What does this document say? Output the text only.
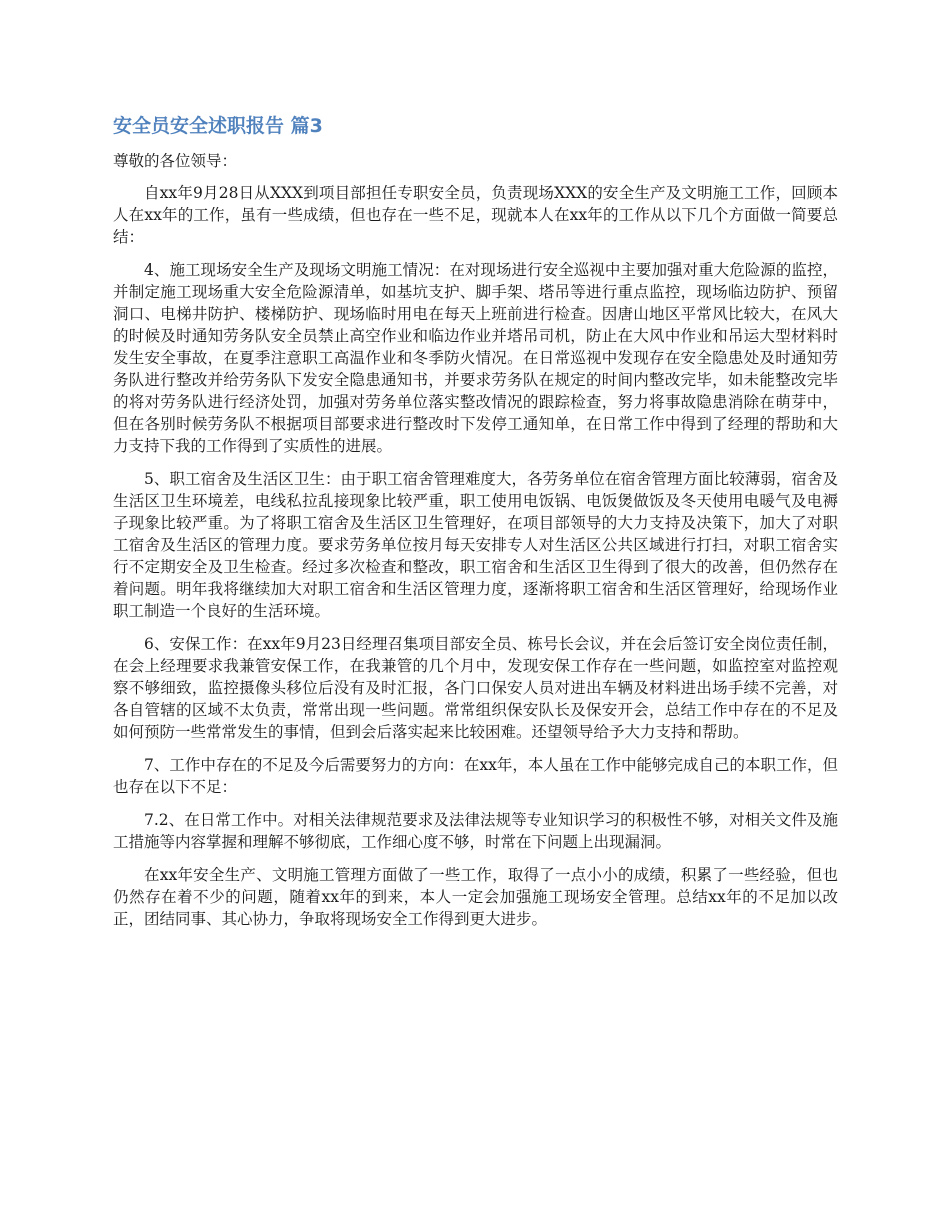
安全员安全述职报告 篇3

尊敬的各位领导：

自xx年9月28日从XXX到项目部担任专职安全员，负责现场XXX的安全生产及文明施工工作，回顾本人在xx年的工作，虽有一些成绩，但也存在一些不足，现就本人在xx年的工作从以下几个方面做一简要总结：

4、施工现场安全生产及现场文明施工情况：在对现场进行安全巡视中主要加强对重大危险源的监控，并制定施工现场重大安全危险源清单，如基坑支护、脚手架、塔吊等进行重点监控，现场临边防护、预留洞口、电梯井防护、楼梯防护、现场临时用电在每天上班前进行检查。因唐山地区平常风比较大，在风大的时候及时通知劳务队安全员禁止高空作业和临边作业并塔吊司机，防止在大风中作业和吊运大型材料时发生安全事故，在夏季注意职工高温作业和冬季防火情况。在日常巡视中发现存在安全隐患处及时通知劳务队进行整改并给劳务队下发安全隐患通知书，并要求劳务队在规定的时间内整改完毕，如未能整改完毕的将对劳务队进行经济处罚，加强对劳务单位落实整改情况的跟踪检查，努力将事故隐患消除在萌芽中，但在各别时候劳务队不根据项目部要求进行整改时下发停工通知单，在日常工作中得到了经理的帮助和大力支持下我的工作得到了实质性的进展。

5、职工宿舍及生活区卫生：由于职工宿舍管理难度大，各劳务单位在宿舍管理方面比较薄弱，宿舍及生活区卫生环境差，电线私拉乱接现象比较严重，职工使用电饭锅、电饭煲做饭及冬天使用电暖气及电褥子现象比较严重。为了将职工宿舍及生活区卫生管理好，在项目部领导的大力支持及决策下，加大了对职工宿舍及生活区的管理力度。要求劳务单位按月每天安排专人对生活区公共区域进行打扫，对职工宿舍实行不定期安全及卫生检查。经过多次检查和整改，职工宿舍和生活区卫生得到了很大的改善，但仍然存在着问题。明年我将继续加大对职工宿舍和生活区管理力度，逐渐将职工宿舍和生活区管理好，给现场作业职工制造一个良好的生活环境。

6、安保工作：在xx年9月23日经理召集项目部安全员、栋号长会议，并在会后签订安全岗位责任制，在会上经理要求我兼管安保工作，在我兼管的几个月中，发现安保工作存在一些问题，如监控室对监控观察不够细致，监控摄像头移位后没有及时汇报，各门口保安人员对进出车辆及材料进出场手续不完善，对各自管辖的区域不太负责，常常出现一些问题。常常组织保安队长及保安开会，总结工作中存在的不足及如何预防一些常常发生的事情，但到会后落实起来比较困难。还望领导给予大力支持和帮助。

7、工作中存在的不足及今后需要努力的方向：在xx年，本人虽在工作中能够完成自己的本职工作，但也存在以下不足：

7.2、在日常工作中。对相关法律规范要求及法律法规等专业知识学习的积极性不够，对相关文件及施工措施等内容掌握和理解不够彻底，工作细心度不够，时常在下问题上出现漏洞。

在xx年安全生产、文明施工管理方面做了一些工作，取得了一点小小的成绩，积累了一些经验，但也仍然存在着不少的问题，随着xx年的到来，本人一定会加强施工现场安全管理。总结xx年的不足加以改正，团结同事、其心协力，争取将现场安全工作得到更大进步。
